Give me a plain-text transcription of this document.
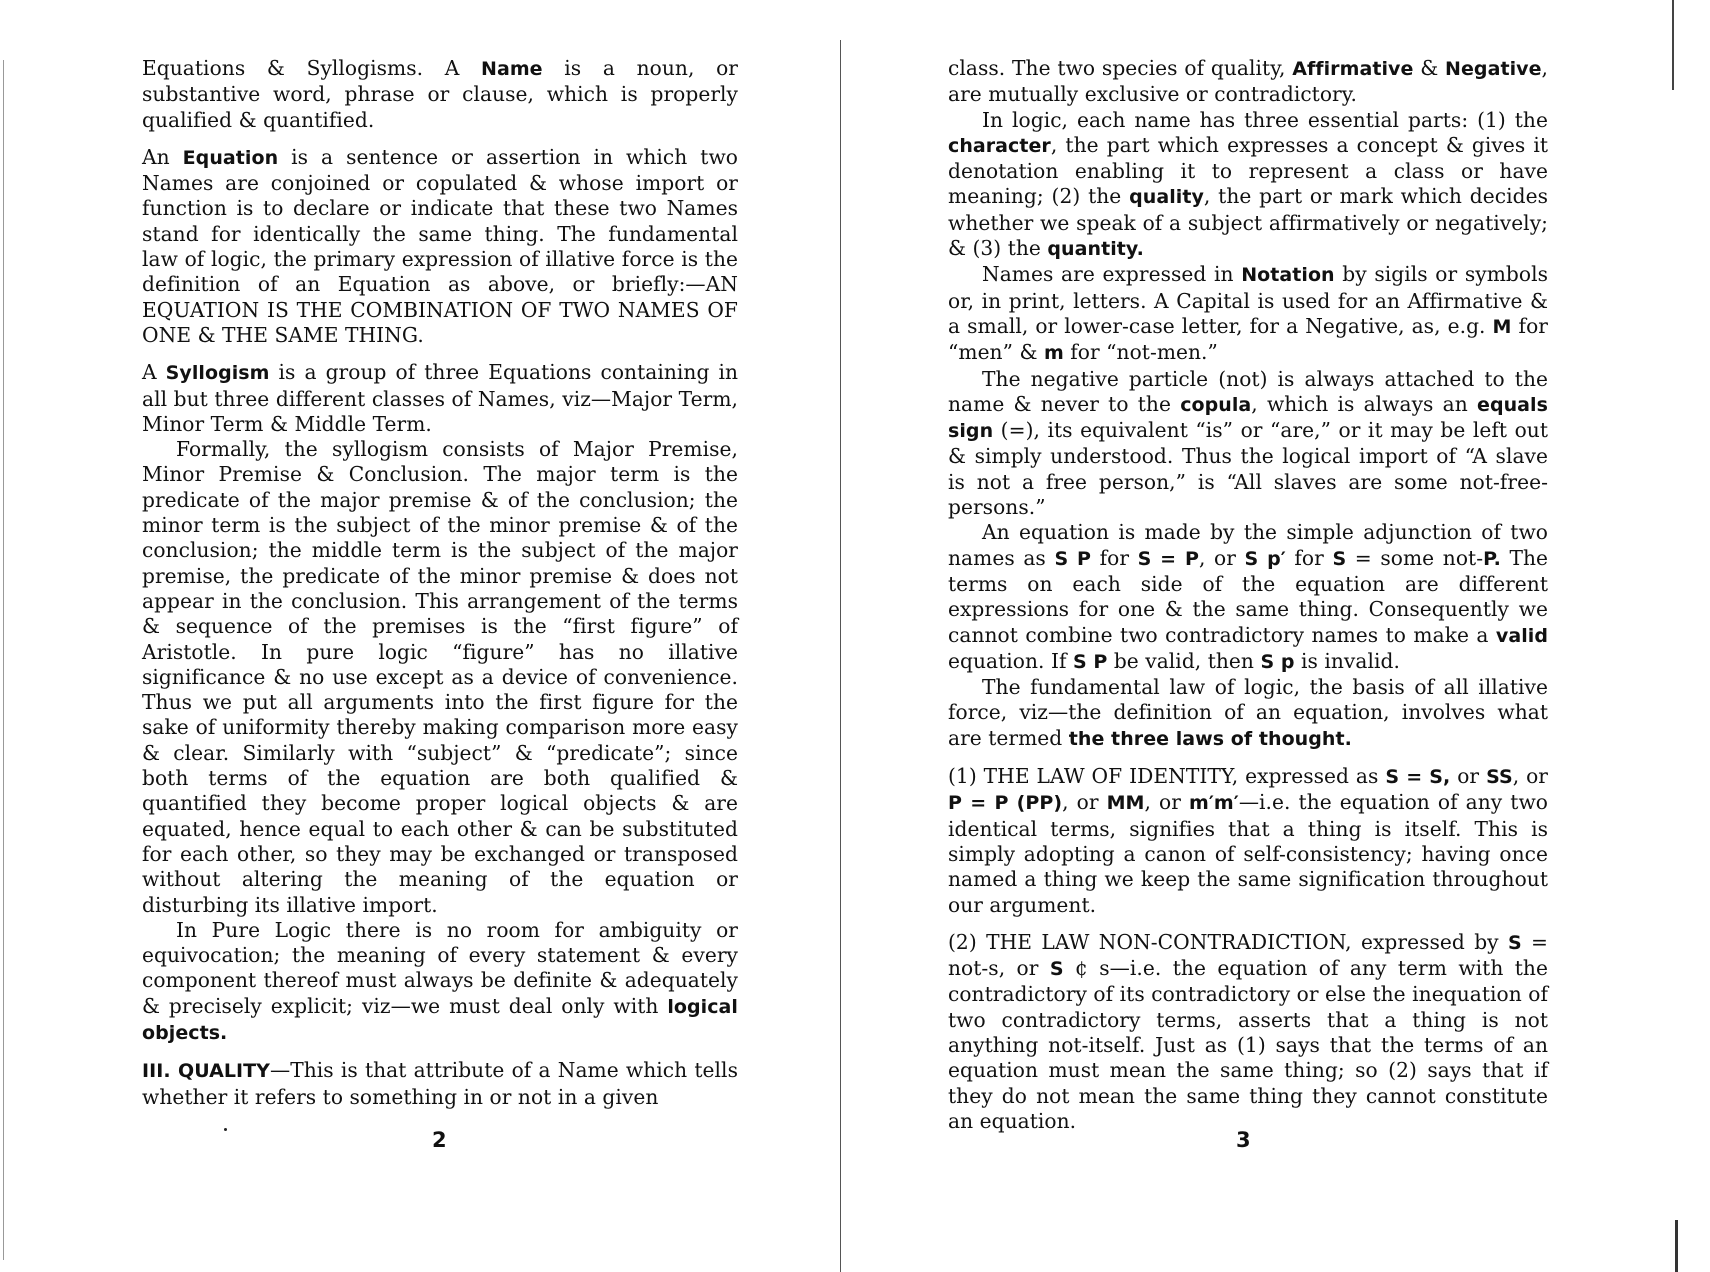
Equations & Syllogisms. A Name is a noun, or substantive word, phrase or clause, which is properly qualified & quantified.

An Equation is a sentence or assertion in which two Names are conjoined or copulated & whose import or function is to declare or indicate that these two Names stand for identically the same thing. The fundamental law of logic, the primary expression of illative force is the definition of an Equation as above, or briefly:—AN EQUATION IS THE COMBINATION OF TWO NAMES OF ONE & THE SAME THING.

A Syllogism is a group of three Equations containing in all but three different classes of Names, viz—Major Term, Minor Term & Middle Term.

Formally, the syllogism consists of Major Premise, Minor Premise & Conclusion. The major term is the predicate of the major premise & of the conclusion; the minor term is the subject of the minor premise & of the conclusion; the middle term is the subject of the major premise, the predicate of the minor premise & does not appear in the conclusion. This arrangement of the terms & sequence of the premises is the “first figure” of Aristotle. In pure logic “figure” has no illative significance & no use except as a device of convenience. Thus we put all arguments into the first figure for the sake of uniformity thereby making comparison more easy & clear. Similarly with “subject” & “predicate”; since both terms of the equation are both qualified & quantified they become proper logical objects & are equated, hence equal to each other & can be substituted for each other, so they may be exchanged or transposed without altering the meaning of the equation or disturbing its illative import.

In Pure Logic there is no room for ambiguity or equivocation; the meaning of every statement & every component thereof must always be definite & adequately & precisely explicit; viz—we must deal only with logical objects.

III. QUALITY—This is that attribute of a Name which tells whether it refers to something in or not in a given

2

class. The two species of quality, Affirmative & Negative, are mutually exclusive or contradictory.

In logic, each name has three essential parts: (1) the character, the part which expresses a concept & gives it denotation enabling it to represent a class or have meaning; (2) the quality, the part or mark which decides whether we speak of a subject affirmatively or negatively; & (3) the quantity.

Names are expressed in Notation by sigils or symbols or, in print, letters. A Capital is used for an Affirmative & a small, or lower-case letter, for a Negative, as, e.g. M for “men” & m for “not-men.”

The negative particle (not) is always attached to the name & never to the copula, which is always an equals sign (=), its equivalent “is” or “are,” or it may be left out & simply understood. Thus the logical import of “A slave is not a free person,” is “All slaves are some not-free-persons.”

An equation is made by the simple adjunction of two names as S P for S = P, or S p′ for S = some not-P. The terms on each side of the equation are different expressions for one & the same thing. Consequently we cannot combine two contradictory names to make a valid equation. If S P be valid, then S p is invalid.

The fundamental law of logic, the basis of all illative force, viz—the definition of an equation, involves what are termed the three laws of thought.

(1) THE LAW OF IDENTITY, expressed as S = S, or SS, or P = P (PP), or MM, or m′m′—i.e. the equation of any two identical terms, signifies that a thing is itself. This is simply adopting a canon of self-consistency; having once named a thing we keep the same signification throughout our argument.

(2) THE LAW NON-CONTRADICTION, expressed by S = not-s, or S ¢ s—i.e. the equation of any term with the contradictory of its contradictory or else the inequation of two contradictory terms, asserts that a thing is not anything not-itself. Just as (1) says that the terms of an equation must mean the same thing; so (2) says that if they do not mean the same thing they cannot constitute an equation.

3
